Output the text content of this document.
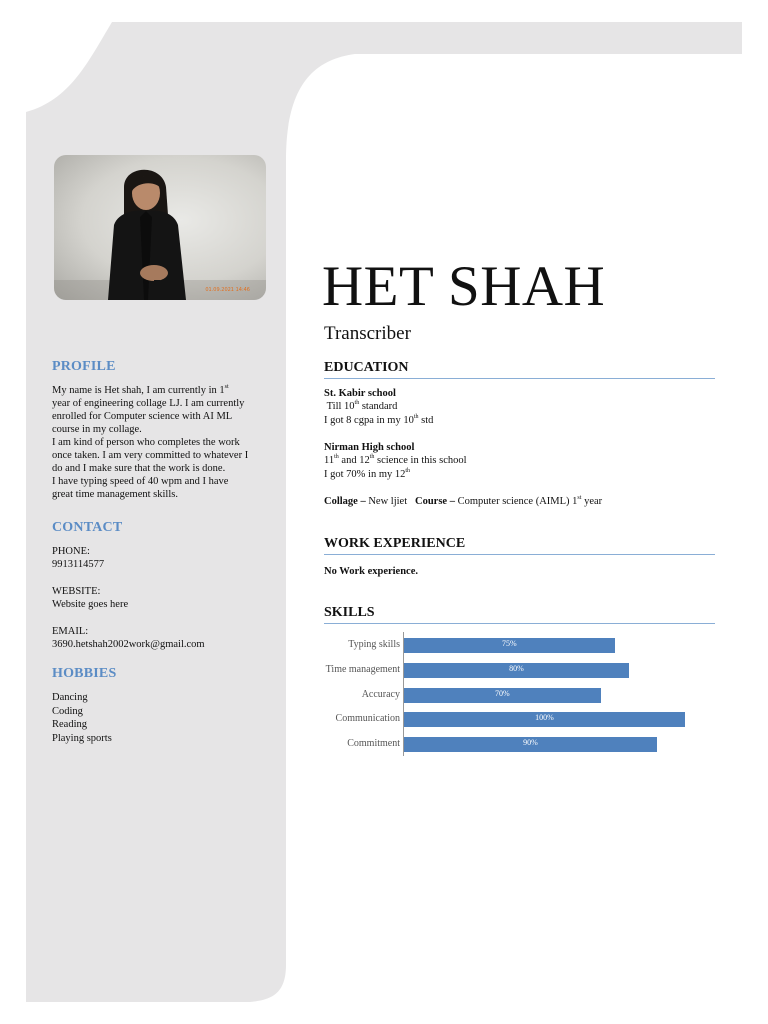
01.09.2021 14:46
PROFILE
My name is Het shah, I am currently in 1st
year of engineering collage LJ. I am currently
enrolled for Computer science with AI ML
course in my collage.
I am kind of person who completes the work
once taken. I am very committed to whatever I
do and I make sure that the work is done.
I have typing speed of 40 wpm and I have
great time management skills.
CONTACT
PHONE:
9913114577
WEBSITE:
Website goes here
EMAIL:
3690.hetshah2002work@gmail.com
HOBBIES
Dancing
Coding
Reading
Playing sports
HET SHAH
Transcriber
EDUCATION
St. Kabir school
Till 10th standard
I got 8 cgpa in my 10th std
Nirman High school
11th and 12th science in this school
I got 70% in my 12th
Collage – New ljiet Course – Computer science (AIML) 1st year
WORK EXPERIENCE
No Work experience.
SKILLS
Typing skills	75%
Time management	80%
Accuracy	70%
Communication	100%
Commitment	90%
